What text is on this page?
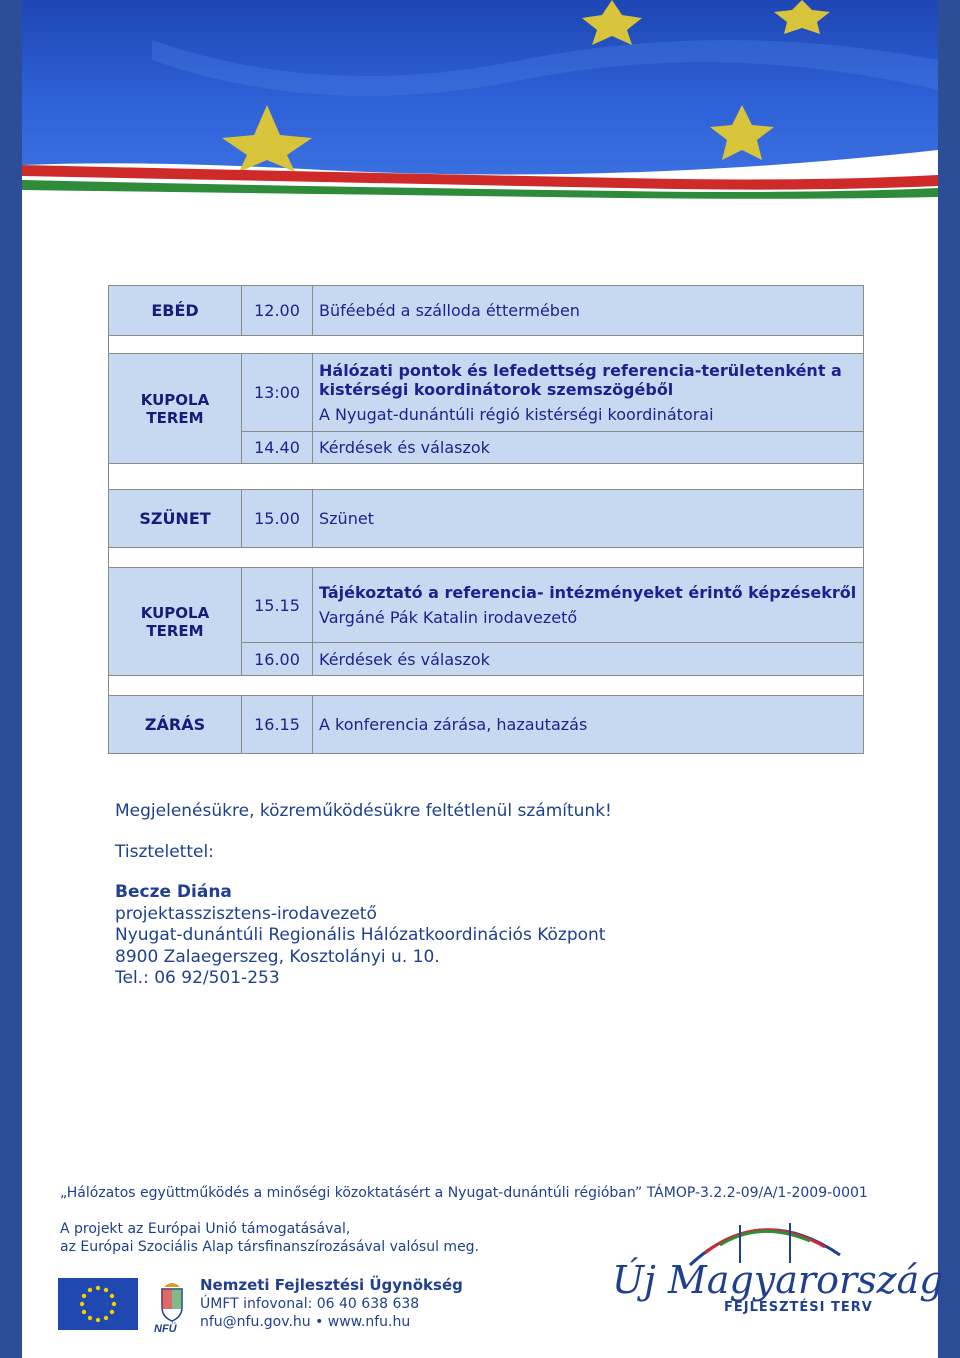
EBÉD	12.00	Büféebéd a szálloda éttermében

KUPOLA TEREM	13:00	Hálózati pontok és lefedettség referencia-területenként a kistérségi koordinátorok szemszögéből
A Nyugat-dunántúli régió kistérségi koordinátorai

	14.40	Kérdések és válaszok

SZÜNET	15.00	Szünet

KUPOLA TEREM	15.15	Tájékoztató a referencia- intézményeket érintő képzésekről
Vargáné Pák Katalin irodavezető

	16.00	Kérdések és válaszok

ZÁRÁS	16.15	A konferencia zárása, hazautazás

Megjelenésükre, közreműködésükre feltétlenül számítunk!

Tisztelettel:

Becze Diána
projektasszisztens-irodavezető
Nyugat-dunántúli Regionális Hálózatkoordinációs Központ
8900 Zalaegerszeg, Kosztolányi u. 10.
Tel.: 06 92/501-253
„Hálózatos együttműködés a minőségi közoktatásért a Nyugat-dunántúli régióban” TÁMOP-3.2.2-09/A/1-2009-0001
A projekt az Európai Unió támogatásával,
az Európai Szociális Alap társfinanszírozásával valósul meg.
NFÜ
Nemzeti Fejlesztési Ügynökség
ÚMFT infovonal: 06 40 638 638
nfu@nfu.gov.hu • www.nfu.hu
Új Magyarország
FEJLESZTÉSI TERV
